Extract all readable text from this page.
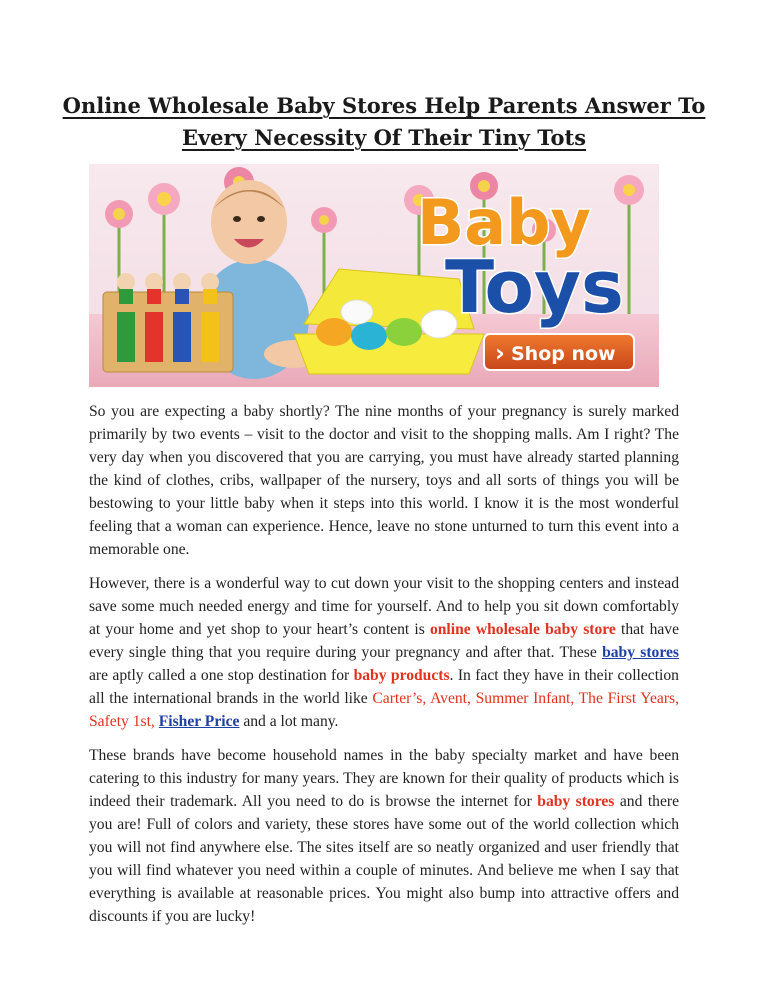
Online Wholesale Baby Stores Help Parents Answer To
Every Necessity Of Their Tiny Tots
Baby
Toys
› Shop now

So you are expecting a baby shortly? The nine months of your pregnancy is surely marked primarily by two events – visit to the doctor and visit to the shopping malls. Am I right? The very day when you discovered that you are carrying, you must have already started planning the kind of clothes, cribs, wallpaper of the nursery, toys and all sorts of things you will be bestowing to your little baby when it steps into this world. I know it is the most wonderful feeling that a woman can experience. Hence, leave no stone unturned to turn this event into a memorable one.

However, there is a wonderful way to cut down your visit to the shopping centers and instead save some much needed energy and time for yourself. And to help you sit down comfortably at your home and yet shop to your heart’s content is online wholesale baby store that have every single thing that you require during your pregnancy and after that. These baby stores are aptly called a one stop destination for baby products. In fact they have in their collection all the international brands in the world like Carter’s, Avent, Summer Infant, The First Years, Safety 1st, Fisher Price and a lot many.

These brands have become household names in the baby specialty market and have been catering to this industry for many years. They are known for their quality of products which is indeed their trademark. All you need to do is browse the internet for baby stores and there you are! Full of colors and variety, these stores have some out of the world collection which you will not find anywhere else. The sites itself are so neatly organized and user friendly that you will find whatever you need within a couple of minutes. And believe me when I say that everything is available at reasonable prices. You might also bump into attractive offers and discounts if you are lucky!
